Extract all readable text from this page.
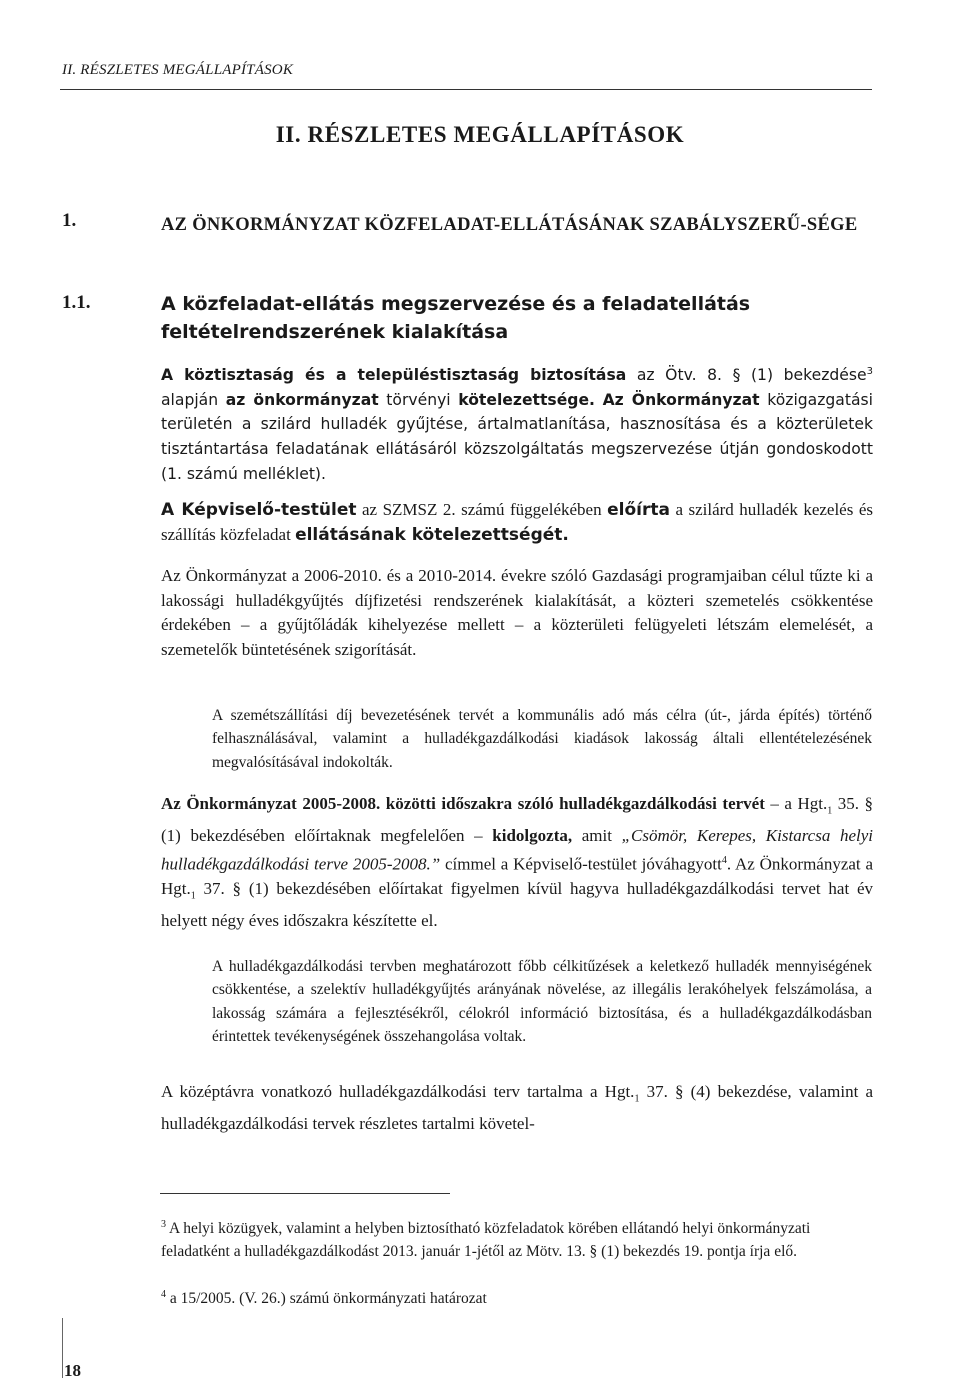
II. RÉSZLETES MEGÁLLAPÍTÁSOK
II. RÉSZLETES MEGÁLLAPÍTÁSOK
1.	AZ ÖNKORMÁNYZAT KÖZFELADAT-ELLÁTÁSÁNAK SZABÁLYSZERŰ-SÉGE
1.1.	A közfeladat-ellátás megszervezése és a feladatellátás feltételrendszerének kialakítása
A köztisztaság és a településtisztaság biztosítása az Ötv. 8. § (1) bekezdése$^3$ alapján az önkormányzat törvényi kötelezettsége. Az Önkormányzat közigazgatási területén a szilárd hulladék gyűjtése, ártalmatlanítása, hasznosítása és a közterületek tisztántartása feladatának ellátásáról közszolgáltatás megszervezése útján gondoskodott (1. számú melléklet).
A Képviselő-testület az SZMSZ 2. számú függelékében előírta a szilárd hulladék kezelés és szállítás közfeladat ellátásának kötelezettségét.
Az Önkormányzat a 2006-2010. és a 2010-2014. évekre szóló Gazdasági programjaiban célul tűzte ki a lakossági hulladékgyűjtés díjfizetési rendszerének kialakítását, a közteri szemetelés csökkentése érdekében – a gyűjtőládák kihelyezése mellett – a közterületi felügyeleti létszám elemelését, a szemetelők büntetésének szigorítását.
A szemétszállítási díj bevezetésének tervét a kommunális adó más célra (út-, járda építés) történő felhasználásával, valamint a hulladékgazdálkodási kiadások lakosság általi ellentételezésének megvalósításával indokolták.
Az Önkormányzat 2005-2008. közötti időszakra szóló hulladékgazdálkodási tervét – a $Hgt._1$ 35. § (1) bekezdésében előírtaknak megfelelően – kidolgozta, amit „Csömör, Kerepes, Kistarcsa helyi hulladékgazdálkodási terve 2005-2008.” címmel a Képviselő-testület jóváhagyott$^4$. Az Önkormányzat a $Hgt._1$ 37. § (1) bekezdésében előírtakat figyelmen kívül hagyva hulladékgazdálkodási tervet hat év helyett négy éves időszakra készítette el.
A hulladékgazdálkodási tervben meghatározott főbb célkitűzések a keletkező hulladék mennyiségének csökkentése, a szelektív hulladékgyűjtés arányának növelése, az illegális lerakóhelyek felszámolása, a lakosság számára a fejlesztésékről, célokról információ biztosítása, és a hulladékgazdálkodásban érintettek tevékenységének összehangolása voltak.
A középtávra vonatkozó hulladékgazdálkodási terv tartalma a $Hgt._1$ 37. § (4) bekezdése, valamint a hulladékgazdálkodási tervek részletes tartalmi követel-
$^3$ A helyi közügyek, valamint a helyben biztosítható közfeladatok körében ellátandó helyi önkormányzati feladatként a hulladékgazdálkodást 2013. január 1-jétől az Mötv. 13. § (1) bekezdés 19. pontja írja elő.
$^4$ a 15/2005. (V. 26.) számú önkormányzati határozat
18
